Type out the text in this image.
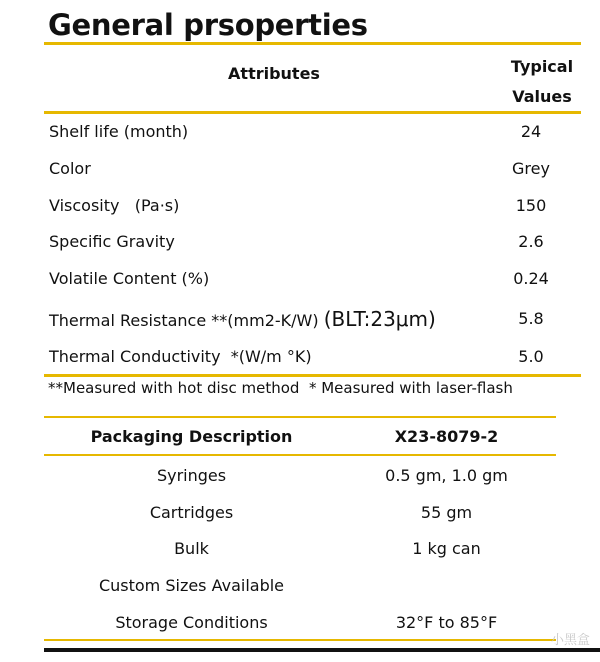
General prsoperties
Attributes	Typical
Values
Shelf life (month)	24
Color	Grey
Viscosity   (Pa·s)	150
Specific Gravity	2.6
Volatile Content (%)	0.24
Thermal Resistance **(mm2-K/W) (BLT:23μm)	5.8
Thermal Conductivity  *(W/m °K)	5.0
**Measured with hot disc method  * Measured with laser-flash
Packaging Description	X23-8079-2
Syringes	0.5 gm, 1.0 gm
Cartridges	55 gm
Bulk	1 kg can
Custom Sizes Available
Storage Conditions	32°F to 85°F
小黑盒
